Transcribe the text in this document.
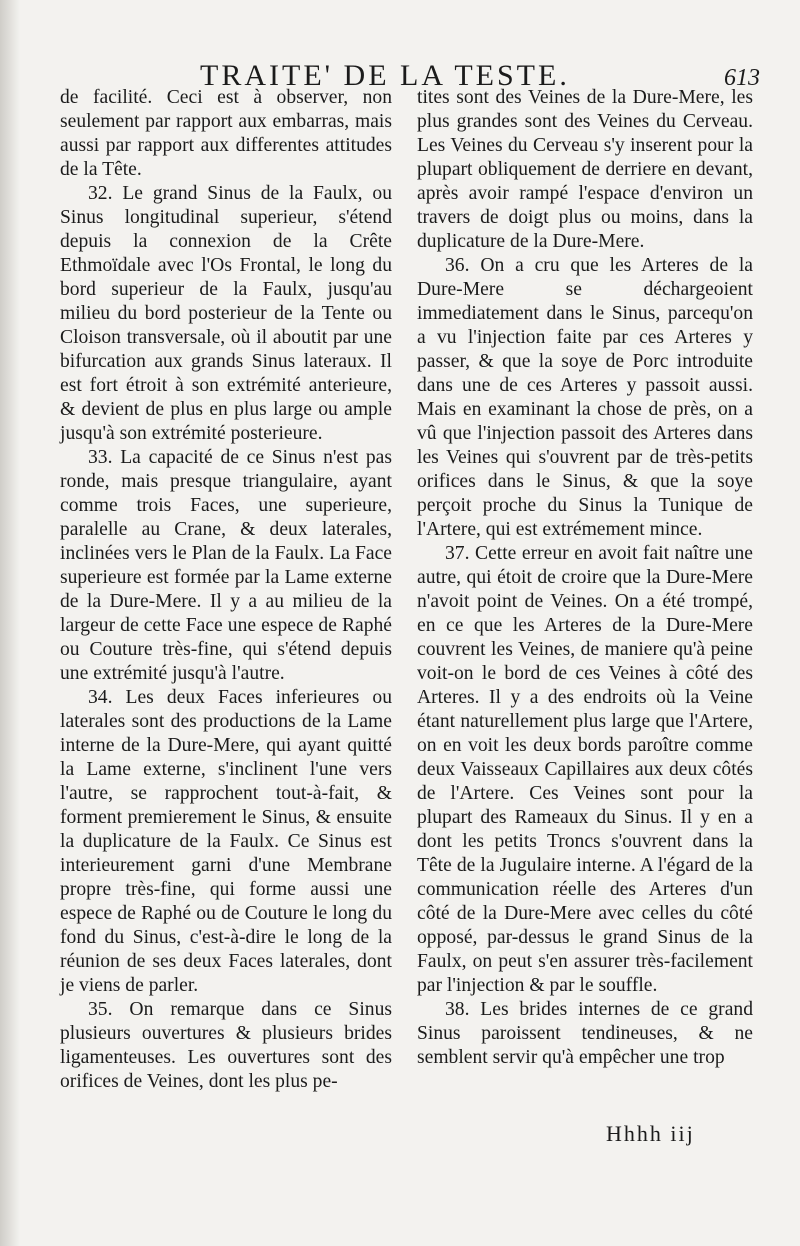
TRAITE' DE LA TESTE.	613

de facilité. Ceci est à observer, non seulement par rapport aux embarras, mais aussi par rapport aux differentes attitudes de la Tête.

32. Le grand Sinus de la Faulx, ou Sinus longitudinal superieur, s'étend depuis la connexion de la Crête Ethmoïdale avec l'Os Frontal, le long du bord superieur de la Faulx, jusqu'au milieu du bord posterieur de la Tente ou Cloison transversale, où il aboutit par une bifurcation aux grands Sinus lateraux. Il est fort étroit à son extrémité anterieure, & devient de plus en plus large ou ample jusqu'à son extrémité posterieure.

33. La capacité de ce Sinus n'est pas ronde, mais presque triangulaire, ayant comme trois Faces, une superieure, paralelle au Crane, & deux laterales, inclinées vers le Plan de la Faulx. La Face superieure est formée par la Lame externe de la Dure-Mere. Il y a au milieu de la largeur de cette Face une espece de Raphé ou Couture très-fine, qui s'étend depuis une extrémité jusqu'à l'autre.

34. Les deux Faces inferieures ou laterales sont des productions de la Lame interne de la Dure-Mere, qui ayant quitté la Lame externe, s'inclinent l'une vers l'autre, se rapprochent tout-à-fait, & forment premierement le Sinus, & ensuite la duplicature de la Faulx. Ce Sinus est interieurement garni d'une Membrane propre très-fine, qui forme aussi une espece de Raphé ou de Couture le long du fond du Sinus, c'est-à-dire le long de la réunion de ses deux Faces laterales, dont je viens de parler.

35. On remarque dans ce Sinus plusieurs ouvertures & plusieurs brides ligamenteuses. Les ouvertures sont des orifices de Veines, dont les plus pe-

tites sont des Veines de la Dure-Mere, les plus grandes sont des Veines du Cerveau. Les Veines du Cerveau s'y inserent pour la plupart obliquement de derriere en devant, après avoir rampé l'espace d'environ un travers de doigt plus ou moins, dans la duplicature de la Dure-Mere.

36. On a cru que les Arteres de la Dure-Mere se déchargeoient immediatement dans le Sinus, parcequ'on a vu l'injection faite par ces Arteres y passer, & que la soye de Porc introduite dans une de ces Arteres y passoit aussi. Mais en examinant la chose de près, on a vû que l'injection passoit des Arteres dans les Veines qui s'ouvrent par de très-petits orifices dans le Sinus, & que la soye perçoit proche du Sinus la Tunique de l'Artere, qui est extrémement mince.

37. Cette erreur en avoit fait naître une autre, qui étoit de croire que la Dure-Mere n'avoit point de Veines. On a été trompé, en ce que les Arteres de la Dure-Mere couvrent les Veines, de maniere qu'à peine voit-on le bord de ces Veines à côté des Arteres. Il y a des endroits où la Veine étant naturellement plus large que l'Artere, on en voit les deux bords paroître comme deux Vaisseaux Capillaires aux deux côtés de l'Artere. Ces Veines sont pour la plupart des Rameaux du Sinus. Il y en a dont les petits Troncs s'ouvrent dans la Tête de la Jugulaire interne. A l'égard de la communication réelle des Arteres d'un côté de la Dure-Mere avec celles du côté opposé, par-dessus le grand Sinus de la Faulx, on peut s'en assurer très-facilement par l'injection & par le souffle.

38. Les brides internes de ce grand Sinus paroissent tendineuses, & ne semblent servir qu'à empêcher une trop

Hhhh iij
